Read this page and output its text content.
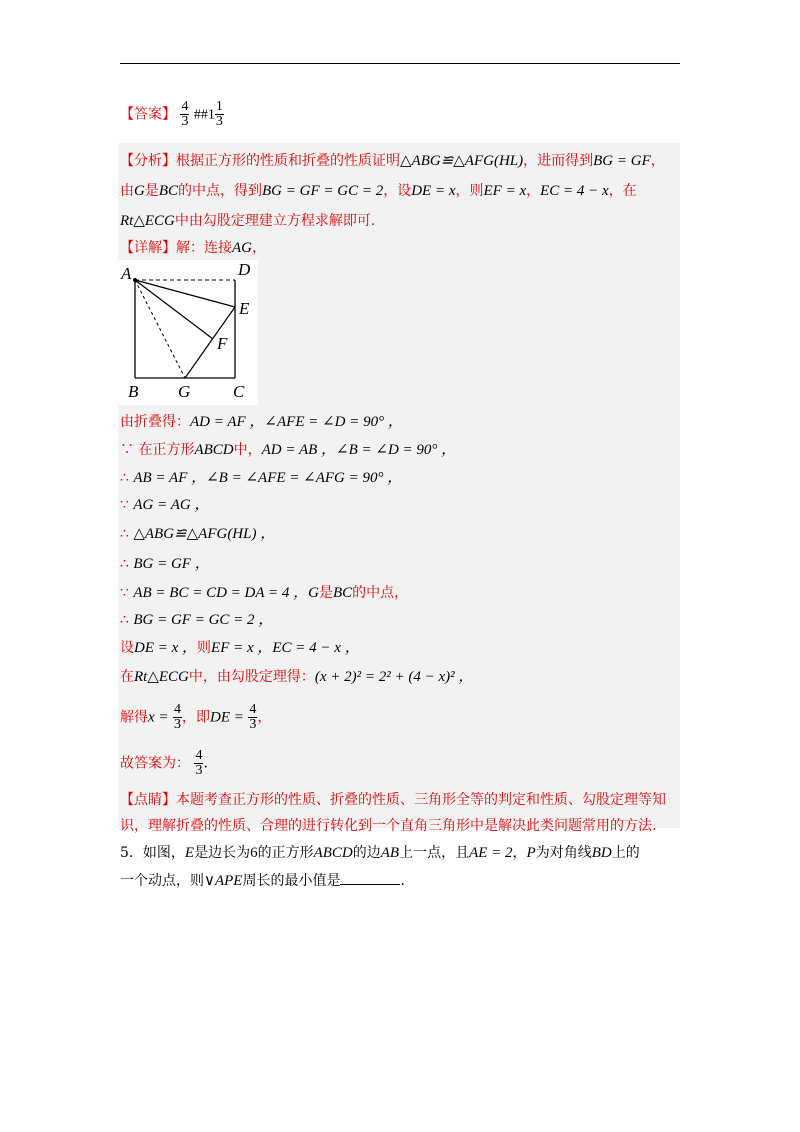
【答案】 $\frac{4}{3}$ ##1 $\frac{1}{3}$
【分析】根据正方形的性质和折叠的性质证明△ABG≌△AFG(HL)，进而得到BG = GF，
由G是BC的中点，得到BG = GF = GC = 2，设DE = x，则EF = x，EC = 4 − x，在
Rt△ECG中由勾股定理建立方程求解即可.
【详解】解：连接AG，
A	D
E
F
B G	C
由折叠得：AD = AF ，∠AFE = ∠D = 90° ，
∵ 在正方形ABCD中，AD = AB ，∠B = ∠D = 90° ，
∴ AB = AF ，∠B = ∠AFE = ∠AFG = 90° ，
∵ AG = AG ，
∴ △ABG≌△AFG(HL) ，
∴ BG = GF ，
∵ AB = BC = CD = DA = 4 ，G是BC的中点，
∴ BG = GF = GC = 2 ，
设DE = x ，则EF = x ，EC = 4 − x ，
在Rt△ECG中，由勾股定理得：(x + 2)² = 2² + (4 − x)² ，
解得$x = \frac{4}{3}$ ，即DE = $\frac{4}{3}$ ，
故答案为： $\frac{4}{3}$ .
【点睛】本题考查正方形的性质、折叠的性质、三角形全等的判定和性质、勾股定理等知
识，理解折叠的性质、合理的进行转化到一个直角三角形中是解决此类问题常用的方法.
5．如图，E是边长为6的正方形ABCD的边AB上一点，且AE = 2，P为对角线BD上的
一个动点，则∨APE周长的最小值是	.
